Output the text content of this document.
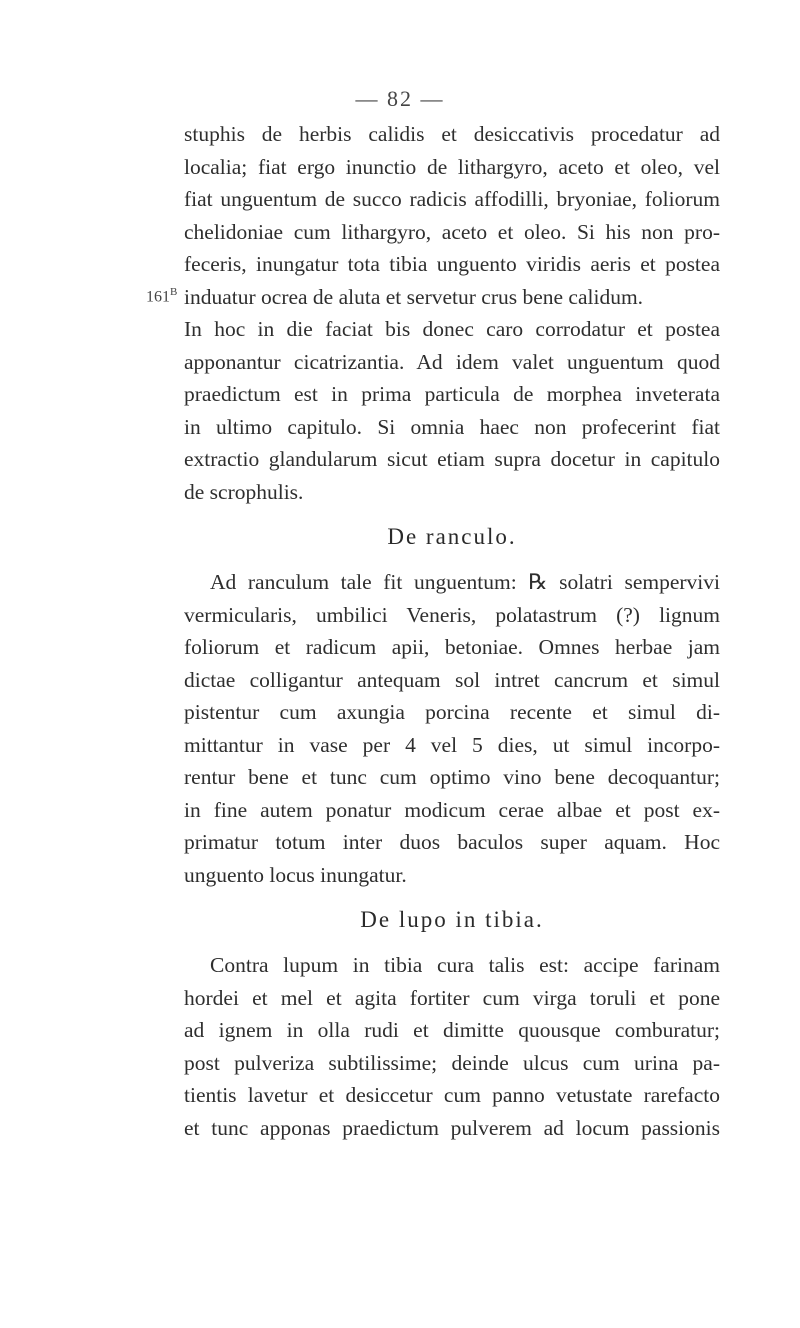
— 82 —
$161^B$
stuphis de herbis calidis et desiccativis procedatur ad
localia; fiat ergo inunctio de lithargyro, aceto et oleo, vel
fiat unguentum de succo radicis affodilli, bryoniae, foliorum
chelidoniae cum lithargyro, aceto et oleo. Si his non pro-
feceris, inungatur tota tibia unguento viridis aeris et postea
induatur ocrea de aluta et servetur crus bene calidum.
In hoc in die faciat bis donec caro corrodatur et postea
apponantur cicatrizantia. Ad idem valet unguentum quod
praedictum est in prima particula de morphea inveterata
in ultimo capitulo. Si omnia haec non profecerint fiat
extractio glandularum sicut etiam supra docetur in capitulo
de scrophulis.
De ranculo.
Ad ranculum tale fit unguentum: ℞ solatri sempervivi
vermicularis, umbilici Veneris, polatastrum (?) lignum
foliorum et radicum apii, betoniae. Omnes herbae jam
dictae colligantur antequam sol intret cancrum et simul
pistentur cum axungia porcina recente et simul di-
mittantur in vase per 4 vel 5 dies, ut simul incorpo-
rentur bene et tunc cum optimo vino bene decoquantur;
in fine autem ponatur modicum cerae albae et post ex-
primatur totum inter duos baculos super aquam. Hoc
unguento locus inungatur.
De lupo in tibia.
Contra lupum in tibia cura talis est: accipe farinam
hordei et mel et agita fortiter cum virga toruli et pone
ad ignem in olla rudi et dimitte quousque comburatur;
post pulveriza subtilissime; deinde ulcus cum urina pa-
tientis lavetur et desiccetur cum panno vetustate rarefacto
et tunc apponas praedictum pulverem ad locum passionis
